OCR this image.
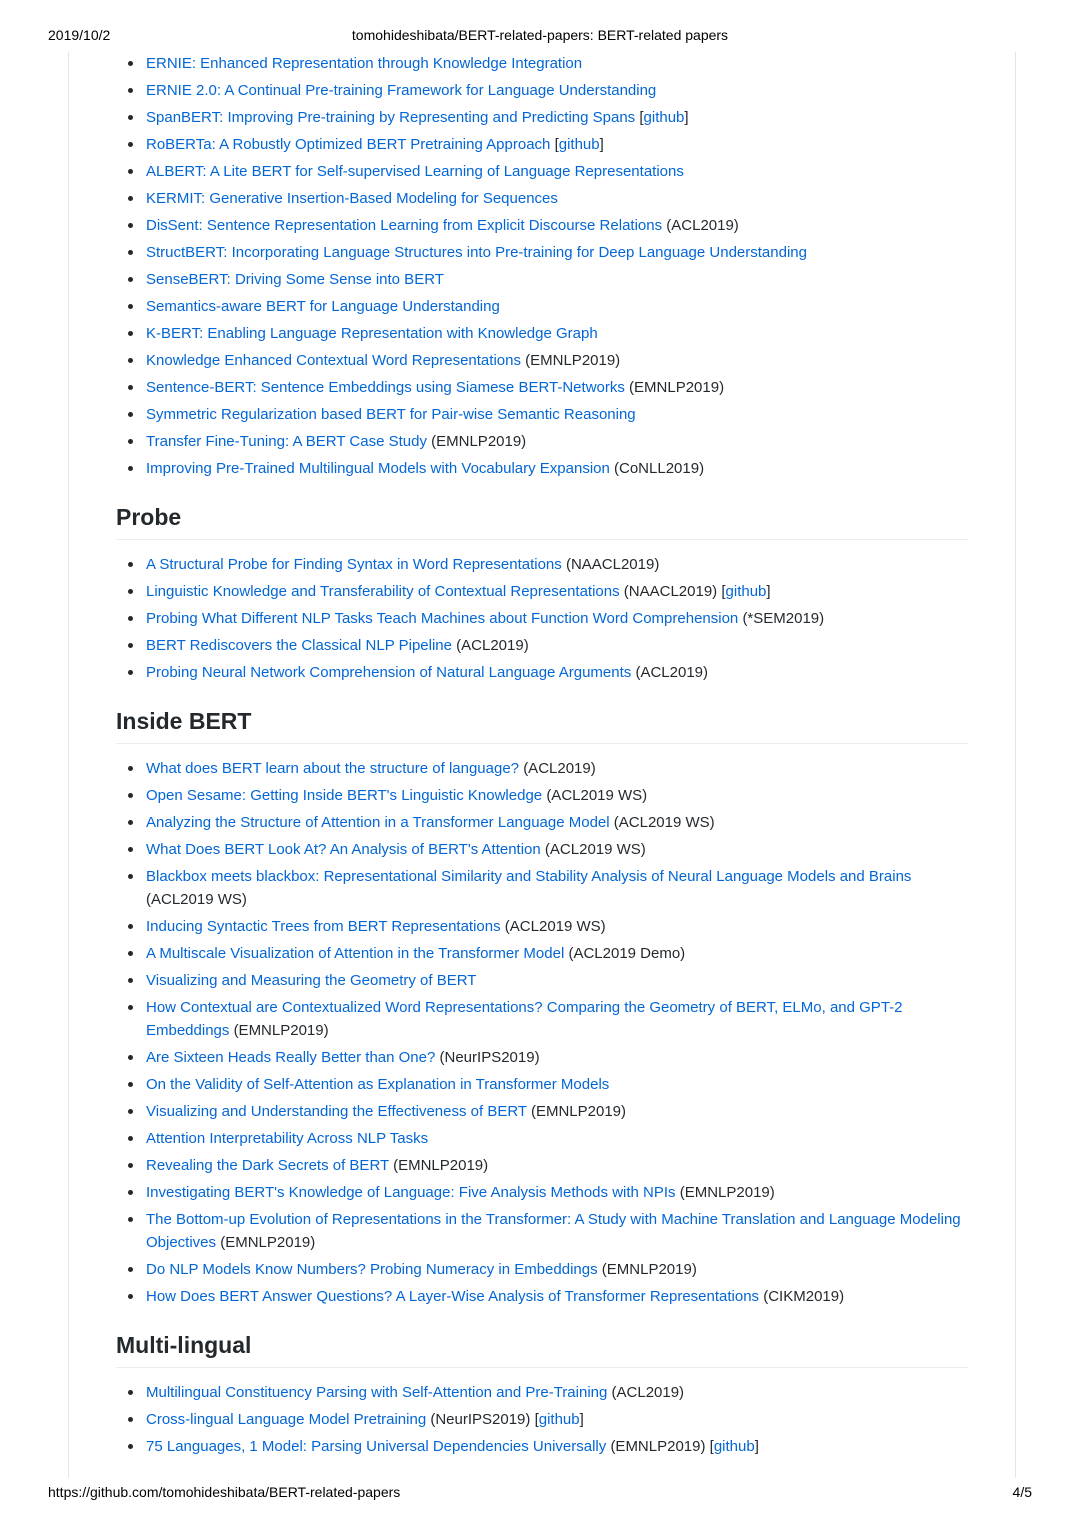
2019/10/2	tomohideshibata/BERT-related-papers: BERT-related papers
ERNIE: Enhanced Representation through Knowledge Integration
ERNIE 2.0: A Continual Pre-training Framework for Language Understanding
SpanBERT: Improving Pre-training by Representing and Predicting Spans [github]
RoBERTa: A Robustly Optimized BERT Pretraining Approach [github]
ALBERT: A Lite BERT for Self-supervised Learning of Language Representations
KERMIT: Generative Insertion-Based Modeling for Sequences
DisSent: Sentence Representation Learning from Explicit Discourse Relations (ACL2019)
StructBERT: Incorporating Language Structures into Pre-training for Deep Language Understanding
SenseBERT: Driving Some Sense into BERT
Semantics-aware BERT for Language Understanding
K-BERT: Enabling Language Representation with Knowledge Graph
Knowledge Enhanced Contextual Word Representations (EMNLP2019)
Sentence-BERT: Sentence Embeddings using Siamese BERT-Networks (EMNLP2019)
Symmetric Regularization based BERT for Pair-wise Semantic Reasoning
Transfer Fine-Tuning: A BERT Case Study (EMNLP2019)
Improving Pre-Trained Multilingual Models with Vocabulary Expansion (CoNLL2019)
Probe
A Structural Probe for Finding Syntax in Word Representations (NAACL2019)
Linguistic Knowledge and Transferability of Contextual Representations (NAACL2019) [github]
Probing What Different NLP Tasks Teach Machines about Function Word Comprehension (*SEM2019)
BERT Rediscovers the Classical NLP Pipeline (ACL2019)
Probing Neural Network Comprehension of Natural Language Arguments (ACL2019)
Inside BERT
What does BERT learn about the structure of language? (ACL2019)
Open Sesame: Getting Inside BERT's Linguistic Knowledge (ACL2019 WS)
Analyzing the Structure of Attention in a Transformer Language Model (ACL2019 WS)
What Does BERT Look At? An Analysis of BERT's Attention (ACL2019 WS)
Blackbox meets blackbox: Representational Similarity and Stability Analysis of Neural Language Models and Brains (ACL2019 WS)
Inducing Syntactic Trees from BERT Representations (ACL2019 WS)
A Multiscale Visualization of Attention in the Transformer Model (ACL2019 Demo)
Visualizing and Measuring the Geometry of BERT
How Contextual are Contextualized Word Representations? Comparing the Geometry of BERT, ELMo, and GPT-2 Embeddings (EMNLP2019)
Are Sixteen Heads Really Better than One? (NeurIPS2019)
On the Validity of Self-Attention as Explanation in Transformer Models
Visualizing and Understanding the Effectiveness of BERT (EMNLP2019)
Attention Interpretability Across NLP Tasks
Revealing the Dark Secrets of BERT (EMNLP2019)
Investigating BERT's Knowledge of Language: Five Analysis Methods with NPIs (EMNLP2019)
The Bottom-up Evolution of Representations in the Transformer: A Study with Machine Translation and Language Modeling Objectives (EMNLP2019)
Do NLP Models Know Numbers? Probing Numeracy in Embeddings (EMNLP2019)
How Does BERT Answer Questions? A Layer-Wise Analysis of Transformer Representations (CIKM2019)
Multi-lingual
Multilingual Constituency Parsing with Self-Attention and Pre-Training (ACL2019)
Cross-lingual Language Model Pretraining (NeurIPS2019) [github]
75 Languages, 1 Model: Parsing Universal Dependencies Universally (EMNLP2019) [github]
https://github.com/tomohideshibata/BERT-related-papers	4/5
